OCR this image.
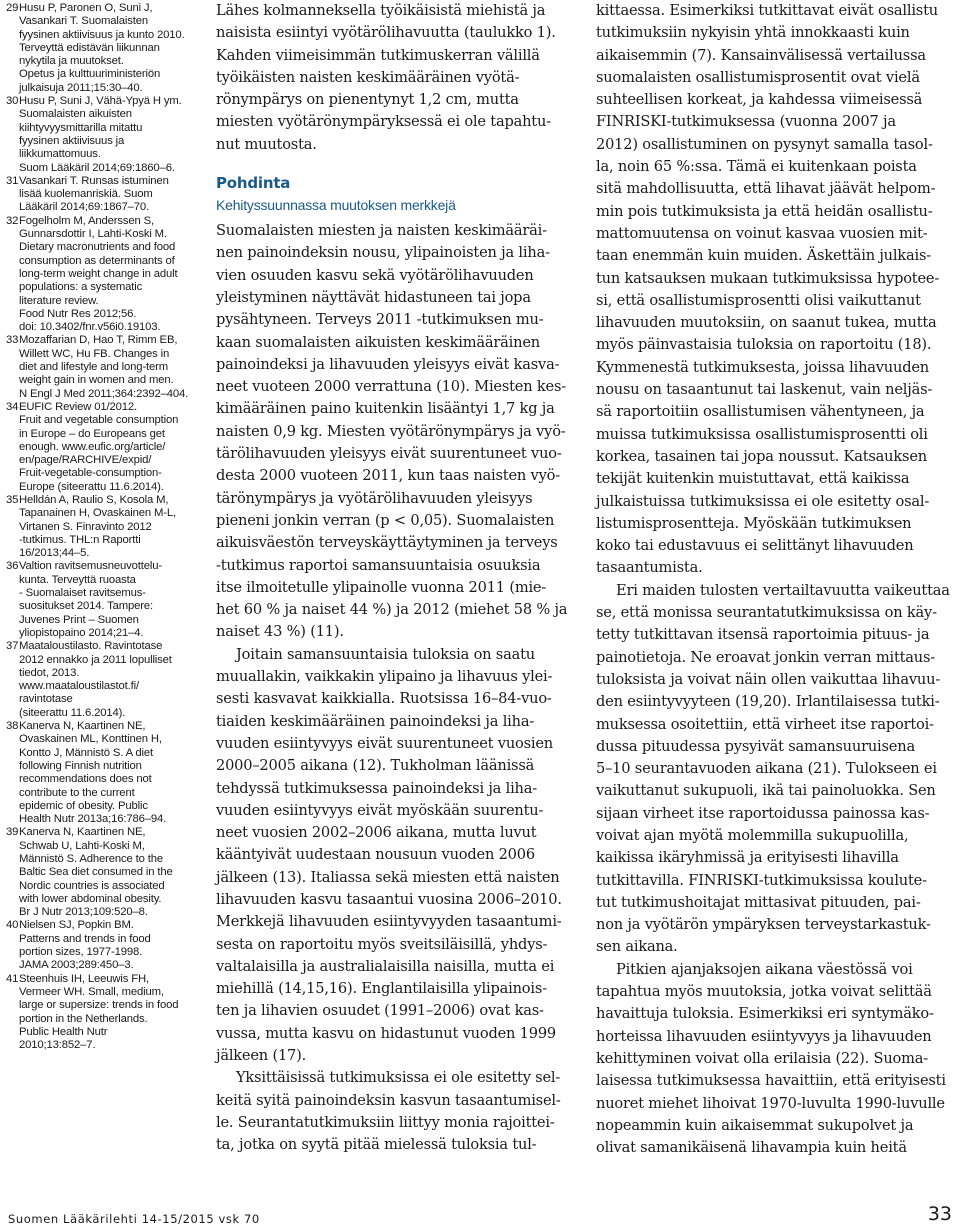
29 Husu P, Paronen O, Suni J,
Vasankari T. Suomalaisten
fyysinen aktiivisuus ja kunto 2010.
Terveyttä edistävän liikunnan
nykytila ja muutokset.
Opetus ja kulttuuriministeriön
julkaisuja 2011;15:30–40.
30 Husu P, Suni J, Vähä-Ypyä H ym.
Suomalaisten aikuisten
kiihtyvyysmittarilla mitattu
fyysinen aktiivisuus ja
liikkumattomuus.
Suom Lääkäril 2014;69:1860–6.
31 Vasankari T. Runsas istuminen
lisää kuolemanriskiä. Suom
Lääkäril 2014;69:1867–70.
32 Fogelholm M, Anderssen S,
Gunnarsdottir I, Lahti-Koski M.
Dietary macronutrients and food
consumption as determinants of
long-term weight change in adult
populations: a systematic
literature review.
Food Nutr Res 2012;56.
doi: 10.3402/fnr.v56i0.19103.
33 Mozaffarian D, Hao T, Rimm EB,
Willett WC, Hu FB. Changes in
diet and lifestyle and long-term
weight gain in women and men.
N Engl J Med 2011;364:2392–404.
34 EUFIC Review 01/2012.
Fruit and vegetable consumption
in Europe – do Europeans get
enough. www.eufic.org/article/
en/page/RARCHIVE/expid/
Fruit-vegetable-consumption-
Europe (siteerattu 11.6.2014).
35 Helldán A, Raulio S, Kosola M,
Tapanainen H, Ovaskainen M-L,
Virtanen S. Finravinto 2012
-tutkimus. THL:n Raportti
16/2013;44–5.
36 Valtion ravitsemusneuvottelu-
kunta. Terveyttä ruoasta
- Suomalaiset ravitsemus-
suositukset 2014. Tampere:
Juvenes Print – Suomen
yliopistopaino 2014;21–4.
37 Maataloustilasto. Ravintotase
2012 ennakko ja 2011 lopulliset
tiedot, 2013.
www.maataloustilastot.fi/
ravintotase
(siteerattu 11.6.2014).
38 Kanerva N, Kaartinen NE,
Ovaskainen ML, Konttinen H,
Kontto J, Männistö S. A diet
following Finnish nutrition
recommendations does not
contribute to the current
epidemic of obesity. Public
Health Nutr 2013a;16:786–94.
39 Kanerva N, Kaartinen NE,
Schwab U, Lahti-Koski M,
Männistö S. Adherence to the
Baltic Sea diet consumed in the
Nordic countries is associated
with lower abdominal obesity.
Br J Nutr 2013;109:520–8.
40 Nielsen SJ, Popkin BM.
Patterns and trends in food
portion sizes, 1977-1998.
JAMA 2003;289:450–3.
41 Steenhuis IH, Leeuwis FH,
Vermeer WH. Small, medium,
large or supersize: trends in food
portion in the Netherlands.
Public Health Nutr
2010;13:852–7.
Lähes kolmanneksella työikäisistä miehistä ja
naisista esiintyi vyötärölihavuutta (taulukko 1).
Kahden viimeisimmän tutkimuskerran välillä
työikäisten naisten keskimääräinen vyötä-
rönympärys on pienentynyt 1,2 cm, mutta
miesten vyötärönympäryksessä ei ole tapahtu-
nut muutosta.
Pohdinta
Kehityssuunnassa muutoksen merkkejä
Suomalaisten miesten ja naisten keskimääräi-
nen painoindeksin nousu, ylipainoisten ja liha-
vien osuuden kasvu sekä vyötärölihavuuden
yleistyminen näyttävät hidastuneen tai jopa
pysähtyneen. Terveys 2011 -tutkimuksen mu-
kaan suomalaisten aikuisten keskimääräinen
painoindeksi ja lihavuuden yleisyys eivät kasva-
neet vuoteen 2000 verrattuna (10). Miesten kes-
kimääräinen paino kuitenkin lisääntyi 1,7 kg ja
naisten 0,9 kg. Miesten vyötärönympärys ja vyö-
tärölihavuuden yleisyys eivät suurentuneet vuo-
desta 2000 vuoteen 2011, kun taas naisten vyö-
tärönympärys ja vyötärölihavuuden yleisyys
pieneni jonkin verran (p < 0,05). Suomalaisten
aikuisväestön terveyskäyttäytyminen ja terveys
-tutkimus raportoi samansuuntaisia osuuksia
itse ilmoitetulle ylipainolle vuonna 2011 (mie-
het 60 % ja naiset 44 %) ja 2012 (miehet 58 % ja
naiset 43 %) (11).
Joitain samansuuntaisia tuloksia on saatu
muuallakin, vaikkakin ylipaino ja lihavuus ylei-
sesti kasvavat kaikkialla. Ruotsissa 16–84-vuo-
tiaiden keskimääräinen painoindeksi ja liha-
vuuden esiintyvyys eivät suurentuneet vuosien
2000–2005 aikana (12). Tukholman läänissä
tehdyssä tutkimuksessa painoindeksi ja liha-
vuuden esiintyvyys eivät myöskään suurentu-
neet vuosien 2002–2006 aikana, mutta luvut
kääntyivät uudestaan nousuun vuoden 2006
jälkeen (13). Italiassa sekä miesten että naisten
lihavuuden kasvu tasaantui vuosina 2006–2010.
Merkkejä lihavuuden esiintyvyyden tasaantumi-
sesta on raportoitu myös sveitsiläisillä, yhdys-
valtalaisilla ja australialaisilla naisilla, mutta ei
miehillä (14,15,16). Englantilaisilla ylipainois-
ten ja lihavien osuudet (1991–2006) ovat kas-
vussa, mutta kasvu on hidastunut vuoden 1999
jälkeen (17).
Yksittäisissä tutkimuksissa ei ole esitetty sel-
keitä syitä painoindeksin kasvun tasaantumisel-
le. Seurantatutkimuksiin liittyy monia rajoittei-
ta, jotka on syytä pitää mielessä tuloksia tul-
kittaessa. Esimerkiksi tutkittavat eivät osallistu
tutkimuksiin nykyisin yhtä innokkaasti kuin
aikaisemmin (7). Kansainvälisessä vertailussa
suomalaisten osallistumisprosentit ovat vielä
suhteellisen korkeat, ja kahdessa viimeisessä
FINRISKI-tutkimuksessa (vuonna 2007 ja
2012) osallistuminen on pysynyt samalla tasol-
la, noin 65 %:ssa. Tämä ei kuitenkaan poista
sitä mahdollisuutta, että lihavat jäävät helpom-
min pois tutkimuksista ja että heidän osallistu-
mattomuutensa on voinut kasvaa vuosien mit-
taan enemmän kuin muiden. Äskettäin julkais-
tun katsauksen mukaan tutkimuksissa hypotee-
si, että osallistumisprosentti olisi vaikuttanut
lihavuuden muutoksiin, on saanut tukea, mutta
myös päinvastaisia tuloksia on raportoitu (18).
Kymmenestä tutkimuksesta, joissa lihavuuden
nousu on tasaantunut tai laskenut, vain neljäs-
sä raportoitiin osallistumisen vähentyneen, ja
muissa tutkimuksissa osallistumisprosentti oli
korkea, tasainen tai jopa noussut. Katsauksen
tekijät kuitenkin muistuttavat, että kaikissa
julkaistuissa tutkimuksissa ei ole esitetty osal-
listumisprosentteja. Myöskään tutkimuksen
koko tai edustavuus ei selittänyt lihavuuden
tasaantumista.
Eri maiden tulosten vertailtavuutta vaikeuttaa
se, että monissa seurantatutkimuksissa on käy-
tetty tutkittavan itsensä raportoimia pituus- ja
painotietoja. Ne eroavat jonkin verran mittaus-
tuloksista ja voivat näin ollen vaikuttaa lihavuu-
den esiintyvyyteen (19,20). Irlantilaisessa tutki-
muksessa osoitettiin, että virheet itse raportoi-
dussa pituudessa pysyivät samansuuruisena
5–10 seurantavuoden aikana (21). Tulokseen ei
vaikuttanut sukupuoli, ikä tai painoluokka. Sen
sijaan virheet itse raportoidussa painossa kas-
voivat ajan myötä molemmilla sukupuolilla,
kaikissa ikäryhmissä ja erityisesti lihavilla
tutkittavilla. FINRISKI-tutkimuksissa koulute-
tut tutkimushoitajat mittasivat pituuden, pai-
non ja vyötärön ympäryksen terveystarkastuk-
sen aikana.
Pitkien ajanjaksojen aikana väestössä voi
tapahtua myös muutoksia, jotka voivat selittää
havaittuja tuloksia. Esimerkiksi eri syntymäko-
horteissa lihavuuden esiintyvyys ja lihavuuden
kehittyminen voivat olla erilaisia (22). Suoma-
laisessa tutkimuksessa havaittiin, että erityisesti
nuoret miehet lihoivat 1970-luvulta 1990-luvulle
nopeammin kuin aikaisemmat sukupolvet ja
olivat samanikäisenä lihavampia kuin heitä
Suomen Lääkärilehti 14-15/2015 vsk 70	33
